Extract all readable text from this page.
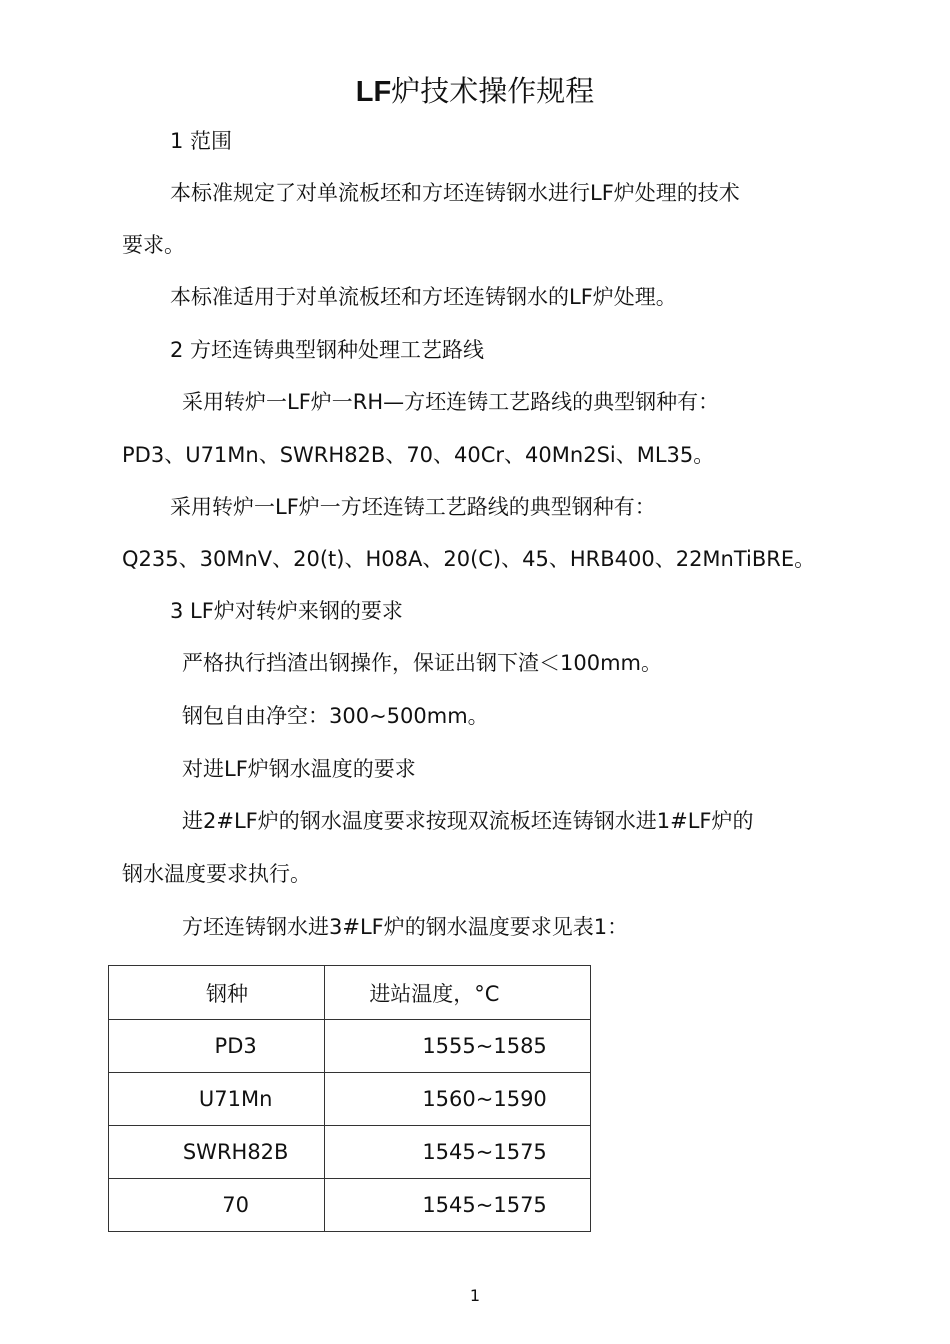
LF炉技术操作规程
1 范围
本标准规定了对单流板坯和方坯连铸钢水进行LF炉处理的技术
要求。
本标准适用于对单流板坯和方坯连铸钢水的LF炉处理。
2 方坯连铸典型钢种处理工艺路线
采用转炉一LF炉一RH—方坯连铸工艺路线的典型钢种有：
PD3、U71Mn、SWRH82B、70、40Cr、40Mn2Si、ML35。
采用转炉一LF炉一方坯连铸工艺路线的典型钢种有：
Q235、30MnV、20(t)、H08A、20(C)、45、HRB400、22MnTiBRE。
3 LF炉对转炉来钢的要求
严格执行挡渣出钢操作，保证出钢下渣＜100mm。
钢包自由净空：300~500mm。
对进LF炉钢水温度的要求
进2#LF炉的钢水温度要求按现双流板坯连铸钢水进1#LF炉的
钢水温度要求执行。
方坯连铸钢水进3#LF炉的钢水温度要求见表1：
钢种	进站温度，°C
PD3	1555~1585
U71Mn	1560~1590
SWRH82B	1545~1575
70	1545~1575
1
